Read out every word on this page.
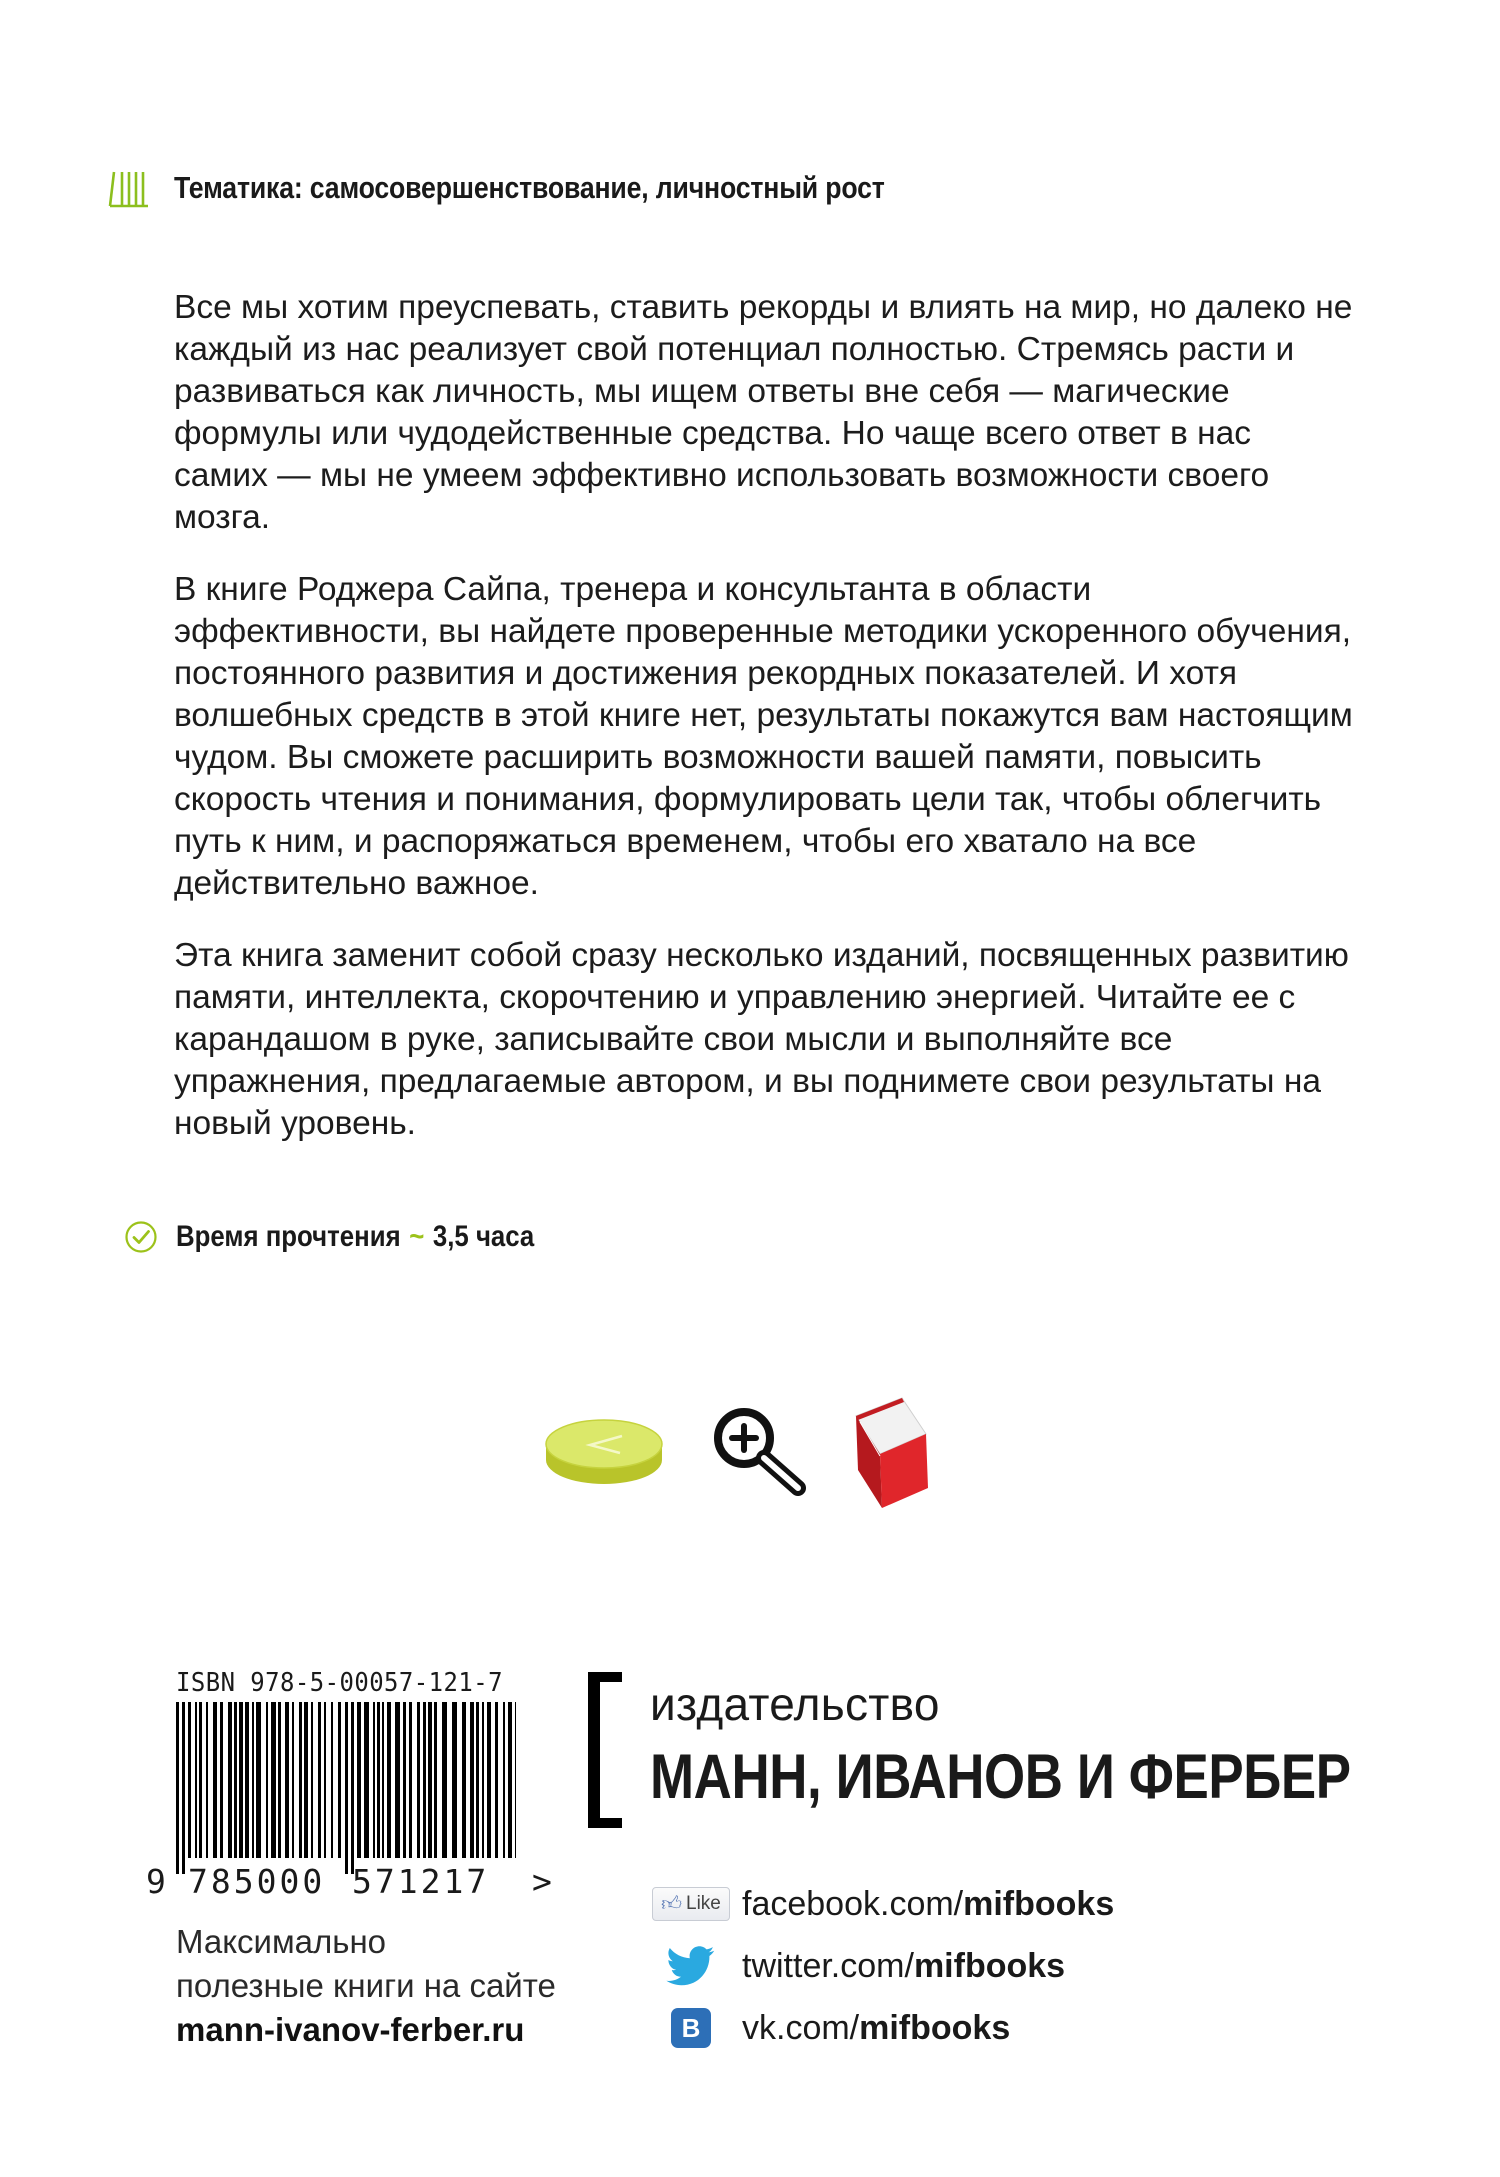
Тематика: самосовершенствование, личностный рост

Все мы хотим преуспевать, ставить рекорды и влиять на мир, но далеко не каждый из нас реализует свой потенциал полностью. Стремясь расти и развиваться как личность, мы ищем ответы вне себя — магические формулы или чудодейственные средства. Но чаще всего ответ в нас самих — мы не умеем эффективно использовать возможности своего мозга.

В книге Роджера Сайпа, тренера и консультанта в области эффективности, вы найдете проверенные методики ускоренного обучения, постоянного развития и достижения рекордных показателей. И хотя волшебных средств в этой книге нет, результаты покажутся вам настоящим чудом. Вы сможете расширить возможности вашей памяти, повысить скорость чтения и понимания, формулировать цели так, чтобы облегчить путь к ним, и распоряжаться временем, чтобы его хватало на все действительно важное.

Эта книга заменит собой сразу несколько изданий, посвященных развитию памяти, интеллекта, скорочтению и управлению энергией. Читайте ее с карандашом в руке, записывайте свои мысли и выполняйте все упражнения, предлагаемые автором, и вы поднимете свои результаты на новый уровень.

Время прочтения ~ 3,5 часа
ISBN 978-5-00057-121-7
9 785000 571217 >
издательство
МАНН, ИВАНОВ И ФЕРБЕР
Максимально
полезные книги на сайте
mann-ivanov-ferber.ru
👍︎ Like facebook.com/ mifbooks
twitter.com/ mifbooks
B	vk.com/ mifbooks
